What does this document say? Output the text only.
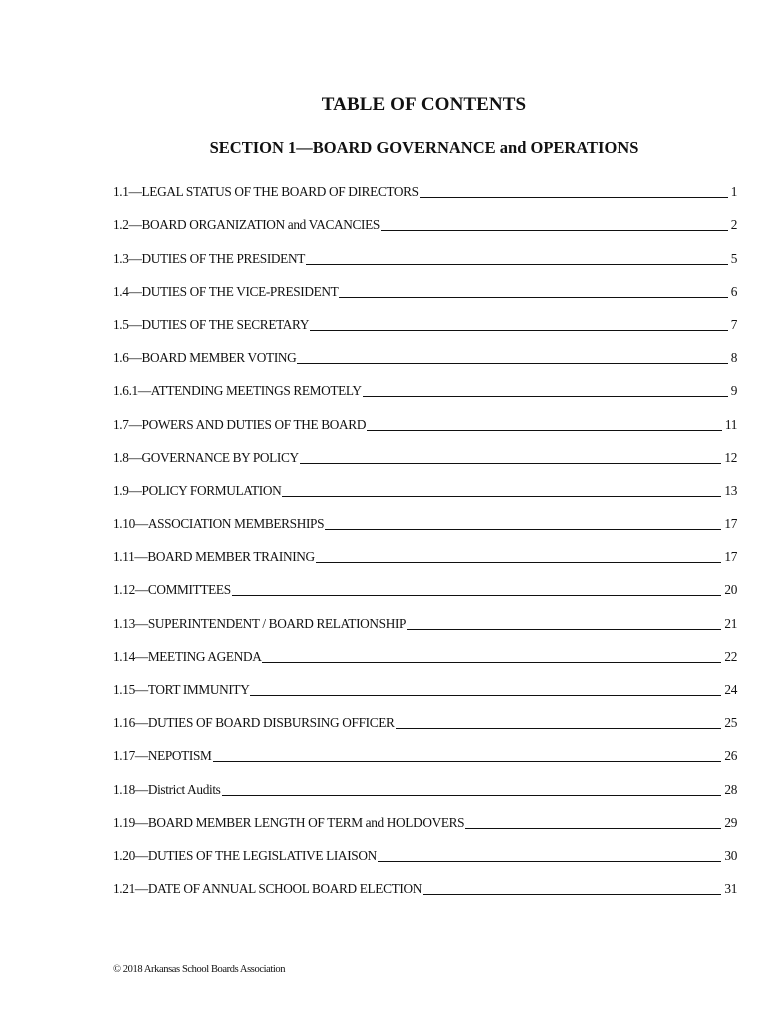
TABLE OF CONTENTS
SECTION 1—BOARD GOVERNANCE and OPERATIONS
1.1—LEGAL STATUS OF THE BOARD OF DIRECTORS	1
1.2—BOARD ORGANIZATION and VACANCIES	2
1.3—DUTIES OF THE PRESIDENT	5
1.4—DUTIES OF THE VICE-PRESIDENT	6
1.5—DUTIES OF THE SECRETARY	7
1.6—BOARD MEMBER VOTING	8
1.6.1—ATTENDING MEETINGS REMOTELY	9
1.7—POWERS AND DUTIES OF THE BOARD	11
1.8—GOVERNANCE BY POLICY	12
1.9—POLICY FORMULATION	13
1.10—ASSOCIATION MEMBERSHIPS	17
1.11—BOARD MEMBER TRAINING	17
1.12—COMMITTEES	20
1.13—SUPERINTENDENT / BOARD RELATIONSHIP	21
1.14—MEETING AGENDA	22
1.15—TORT IMMUNITY	24
1.16—DUTIES OF BOARD DISBURSING OFFICER	25
1.17—NEPOTISM	26
1.18—District Audits	28
1.19—BOARD MEMBER LENGTH OF TERM and HOLDOVERS	29
1.20—DUTIES OF THE LEGISLATIVE LIAISON	30
1.21—DATE OF ANNUAL SCHOOL BOARD ELECTION	31
© 2018 Arkansas School Boards Association
